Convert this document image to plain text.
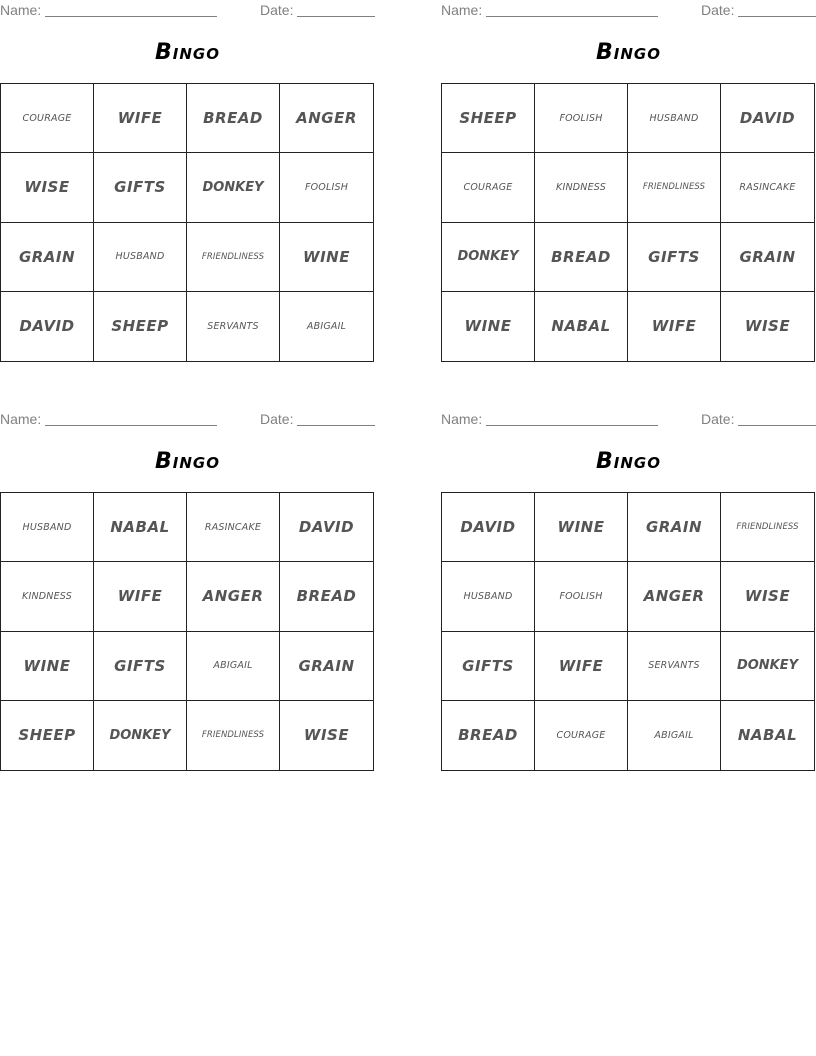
Name:	Date:
Bingo
COURAGE	WIFE	BREAD	ANGER
WISE	GIFTS	DONKEY	FOOLISH
GRAIN	HUSBAND	FRIENDLINESS	WINE
DAVID	SHEEP	SERVANTS	ABIGAIL
Name:	Date:
Bingo
SHEEP	FOOLISH	HUSBAND	DAVID
COURAGE	KINDNESS	FRIENDLINESS	RASINCAKE
DONKEY	BREAD	GIFTS	GRAIN
WINE	NABAL	WIFE	WISE
Name:	Date:
Bingo
HUSBAND	NABAL	RASINCAKE	DAVID
KINDNESS	WIFE	ANGER	BREAD
WINE	GIFTS	ABIGAIL	GRAIN
SHEEP	DONKEY	FRIENDLINESS	WISE
Name:	Date:
Bingo
DAVID	WINE	GRAIN	FRIENDLINESS
HUSBAND	FOOLISH	ANGER	WISE
GIFTS	WIFE	SERVANTS	DONKEY
BREAD	COURAGE	ABIGAIL	NABAL
